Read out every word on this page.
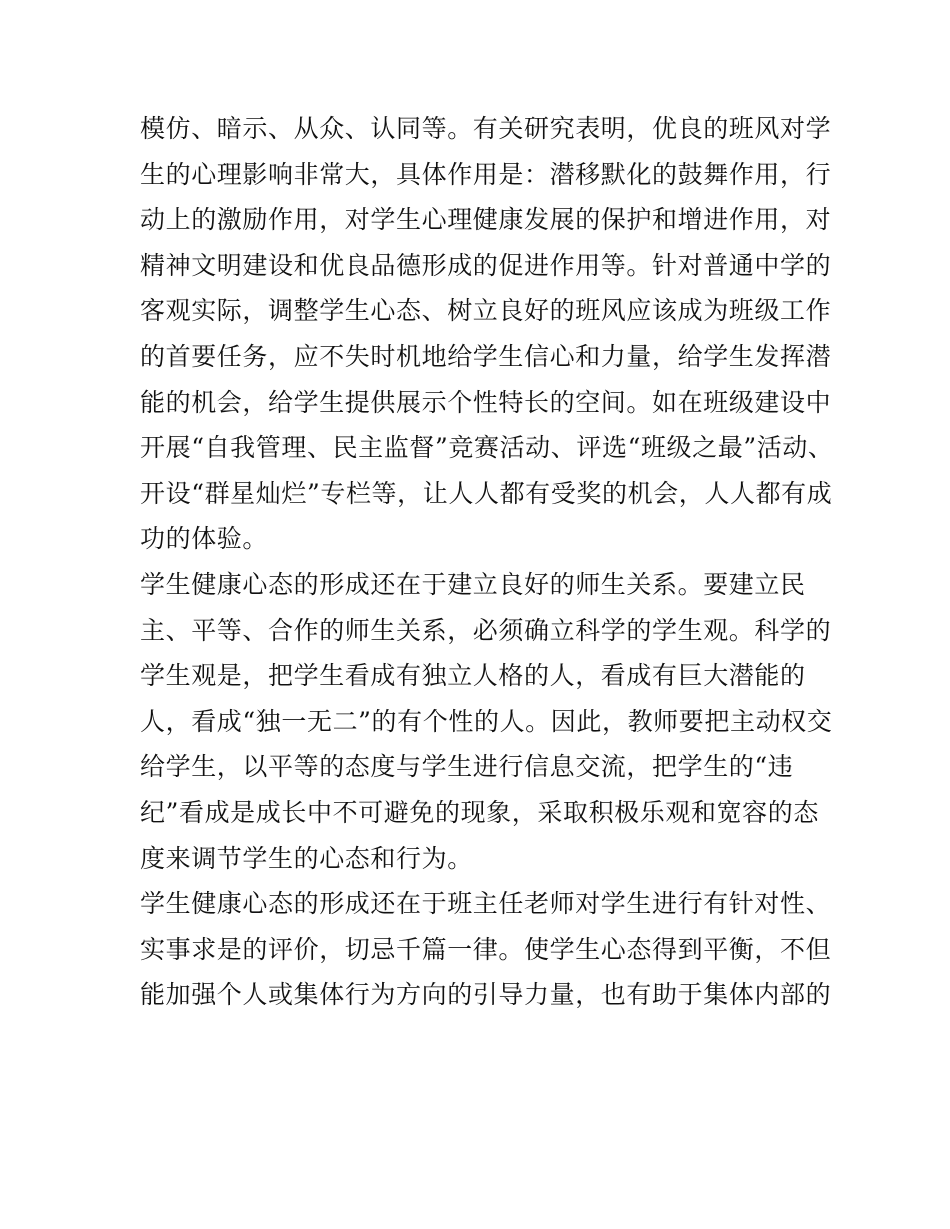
模仿、暗示、从众、认同等。有关研究表明，优良的班风对学
生的心理影响非常大，具体作用是：潜移默化的鼓舞作用，行
动上的激励作用，对学生心理健康发展的保护和增进作用，对
精神文明建设和优良品德形成的促进作用等。针对普通中学的
客观实际，调整学生心态、树立良好的班风应该成为班级工作
的首要任务，应不失时机地给学生信心和力量，给学生发挥潜
能的机会，给学生提供展示个性特长的空间。如在班级建设中
开展“自我管理、民主监督”竞赛活动、评选“班级之最”活动、
开设“群星灿烂”专栏等，让人人都有受奖的机会，人人都有成
功的体验。
学生健康心态的形成还在于建立良好的师生关系。要建立民
主、平等、合作的师生关系，必须确立科学的学生观。科学的
学生观是，把学生看成有独立人格的人，看成有巨大潜能的
人，看成“独一无二”的有个性的人。因此，教师要把主动权交
给学生，以平等的态度与学生进行信息交流，把学生的“违
纪”看成是成长中不可避免的现象，采取积极乐观和宽容的态
度来调节学生的心态和行为。
学生健康心态的形成还在于班主任老师对学生进行有针对性、
实事求是的评价，切忌千篇一律。使学生心态得到平衡，不但
能加强个人或集体行为方向的引导力量，也有助于集体内部的
